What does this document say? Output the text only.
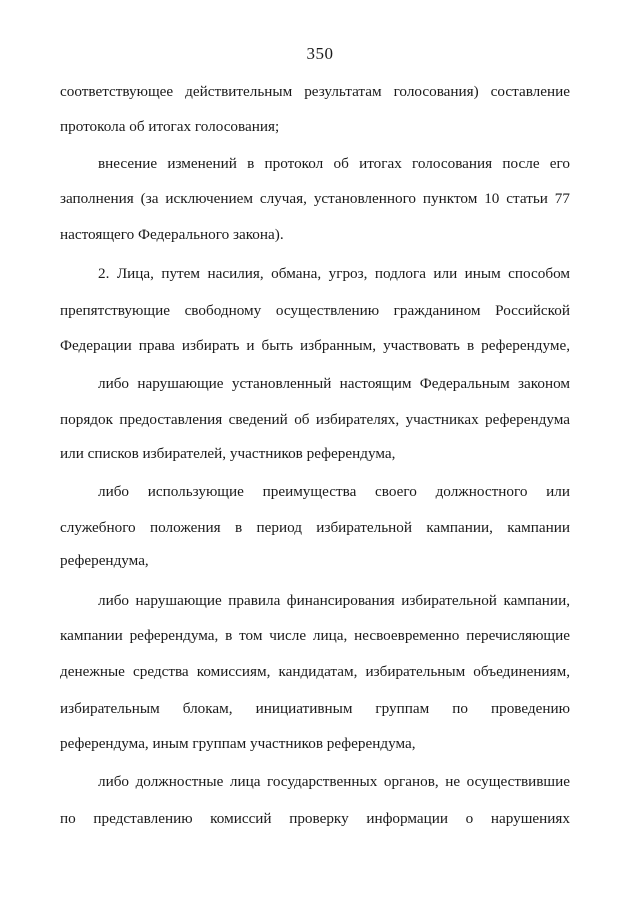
350
соответствующее действительным результатам голосования) составление
протокола об итогах голосования;
внесение изменений в протокол об итогах голосования после его
заполнения (за исключением случая, установленного пунктом 10 статьи 77
настоящего Федерального закона).
2. Лица, путем насилия, обмана, угроз, подлога или иным способом
препятствующие свободному осуществлению гражданином Российской
Федерации права избирать и быть избранным, участвовать в референдуме,
либо нарушающие установленный настоящим Федеральным законом
порядок предоставления сведений об избирателях, участниках референдума
или списков избирателей, участников референдума,
либо использующие преимущества своего должностного или
служебного положения в период избирательной кампании, кампании
референдума,
либо нарушающие правила финансирования избирательной кампании,
кампании референдума, в том числе лица, несвоевременно перечисляющие
денежные средства комиссиям, кандидатам, избирательным объединениям,
избирательным блокам, инициативным группам по проведению
референдума, иным группам участников референдума,
либо должностные лица государственных органов, не осуществившие
по представлению комиссий проверку информации о нарушениях
